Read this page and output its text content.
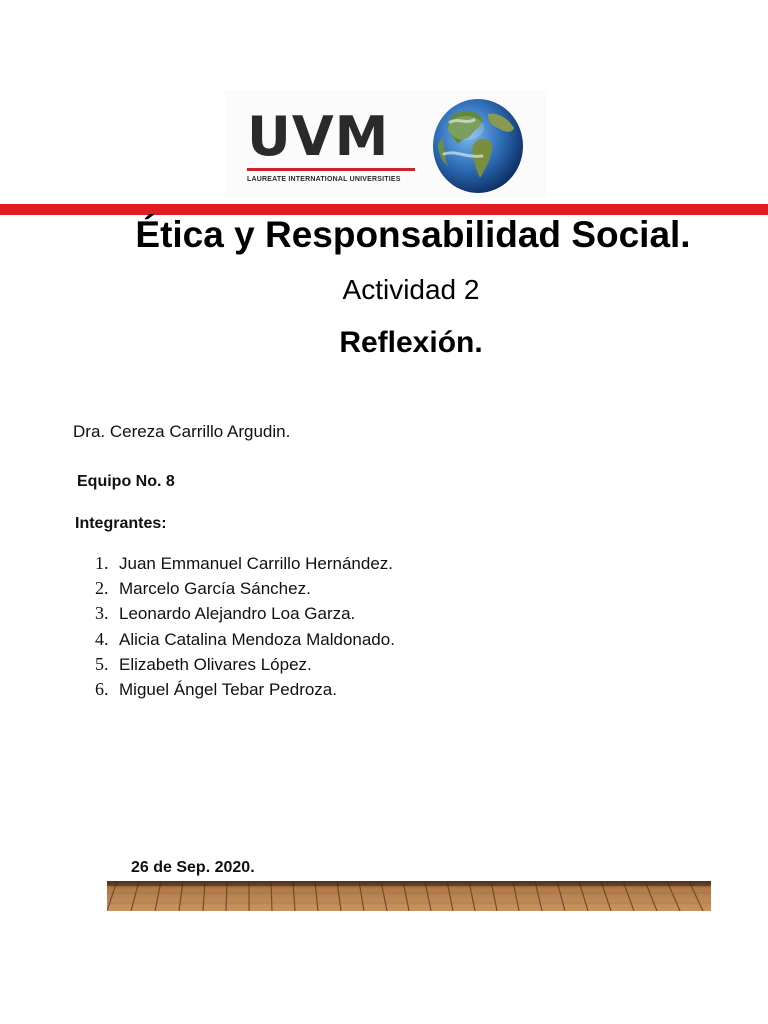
UVM
LAUREATE INTERNATIONAL UNIVERSITIES
Ética y Responsabilidad Social.
Actividad 2
Reflexión.
Dra. Cereza Carrillo Argudin.
Equipo No. 8
Integrantes:
1. Juan Emmanuel Carrillo Hernández.
2. Marcelo García Sánchez.
3. Leonardo Alejandro Loa Garza.
4. Alicia Catalina Mendoza Maldonado.
5. Elizabeth Olivares López.
6. Miguel Ángel Tebar Pedroza.
26 de Sep. 2020.
